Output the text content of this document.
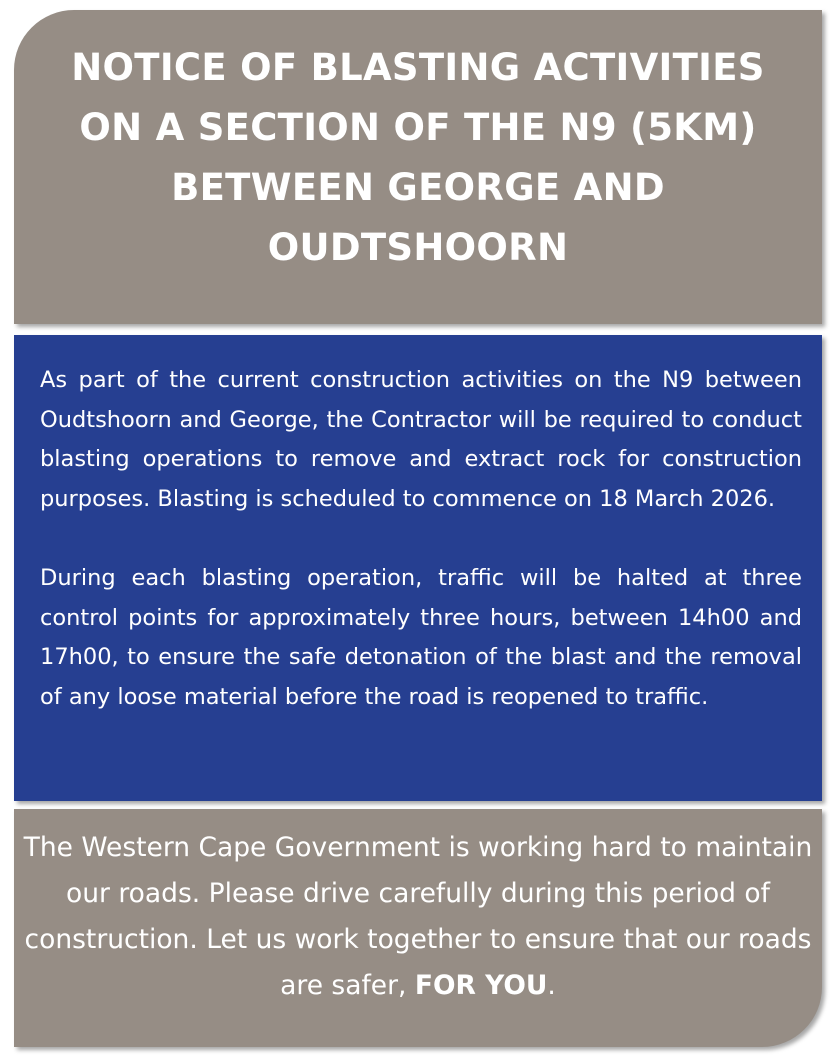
NOTICE OF BLASTING ACTIVITIES ON A SECTION OF THE N9 (5KM) BETWEEN GEORGE AND OUDTSHOORN

As part of the current construction activities on the N9 between Oudtshoorn and George, the Contractor will be required to conduct blasting operations to remove and extract rock for construction purposes. Blasting is scheduled to commence on 18 March 2026.

During each blasting operation, traffic will be halted at three control points for approximately three hours, between 14h00 and 17h00, to ensure the safe detonation of the blast and the removal of any loose material before the road is reopened to traffic.

The Western Cape Government is working hard to maintain our roads. Please drive carefully during this period of construction. Let us work together to ensure that our roads are safer, FOR YOU.
